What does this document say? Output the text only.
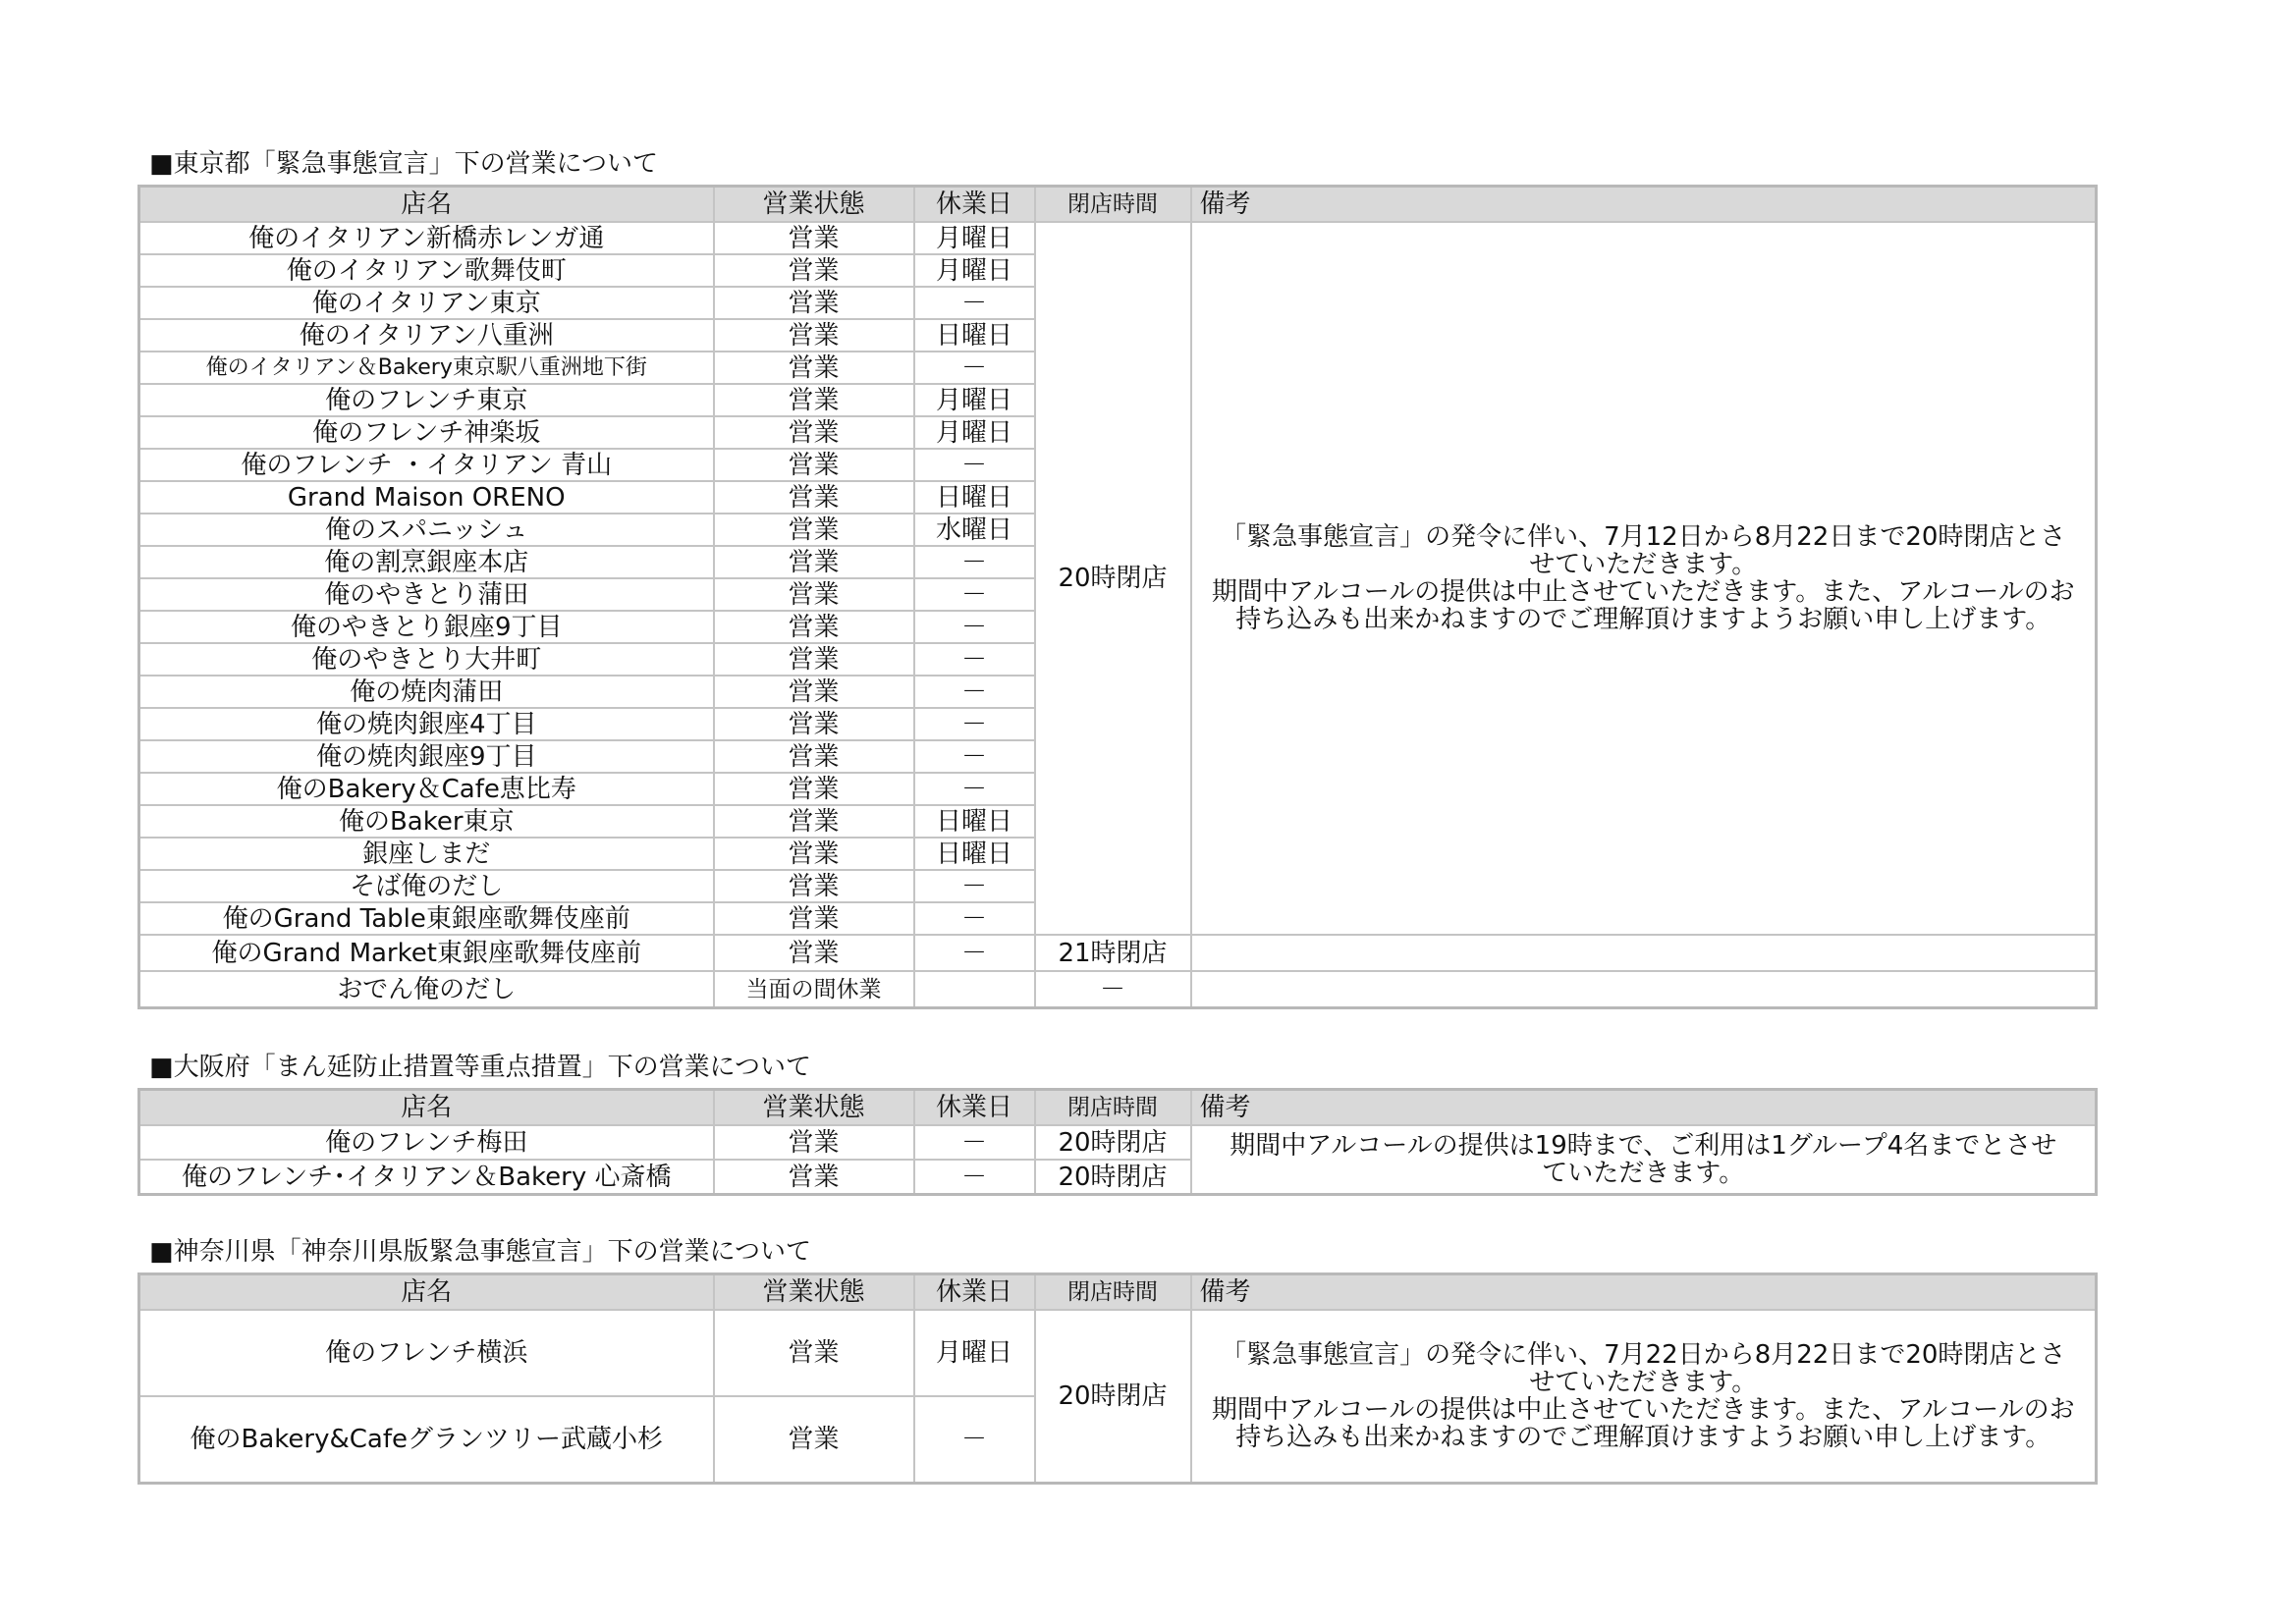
■東京都「緊急事態宣言」下の営業について
店名	営業状態	休業日	閉店時間	備考
俺のイタリアン新橋赤レンガ通	営業	月曜日	20時閉店	「緊急事態宣言」の発令に伴い、7月12日から8月22日まで20時閉店とさ
せていただきます。
期間中アルコールの提供は中止させていただきます。また、アルコールのお
持ち込みも出来かねますのでご理解頂けますようお願い申し上げます。

俺のイタリアン歌舞伎町	営業	月曜日		
俺のイタリアン東京	営業	－		
俺のイタリアン八重洲	営業	日曜日		
俺のイタリアン＆Bakery東京駅八重洲地下街	営業	－		
俺のフレンチ東京	営業	月曜日		
俺のフレンチ神楽坂	営業	月曜日		
俺のフレンチ ・イタリアン 青山	営業	－		
Grand Maison ORENO	営業	日曜日		
俺のスパニッシュ	営業	水曜日		
俺の割烹銀座本店	営業	－		
俺のやきとり蒲田	営業	－		
俺のやきとり銀座9丁目	営業	－		
俺のやきとり大井町	営業	－		
俺の焼肉蒲田	営業	－		
俺の焼肉銀座4丁目	営業	－		
俺の焼肉銀座9丁目	営業	－		
俺のBakery＆Cafe恵比寿	営業	－		
俺のBaker東京	営業	日曜日		
銀座しまだ	営業	日曜日		
そば俺のだし	営業	－		
俺のGrand Table東銀座歌舞伎座前	営業	－		
俺のGrand Market東銀座歌舞伎座前	営業	－	21時閉店	
おでん俺のだし	当面の間休業		－	
■大阪府「まん延防止措置等重点措置」下の営業について
店名	営業状態	休業日	閉店時間	備考
俺のフレンチ梅田	営業	－	20時閉店	期間中アルコールの提供は19時まで、ご利用は1グループ4名までとさせ
ていただきます。

俺のフレンチ･イタリアン＆Bakery 心斎橋	営業	－	20時閉店	
■神奈川県「神奈川県版緊急事態宣言」下の営業について
店名	営業状態	休業日	閉店時間	備考
俺のフレンチ横浜	営業	月曜日	20時閉店	「緊急事態宣言」の発令に伴い、7月22日から8月22日まで20時閉店とさ
せていただきます。
期間中アルコールの提供は中止させていただきます。また、アルコールのお
持ち込みも出来かねますのでご理解頂けますようお願い申し上げます。

俺のBakery&Cafeグランツリー武蔵小杉	営業	－		
